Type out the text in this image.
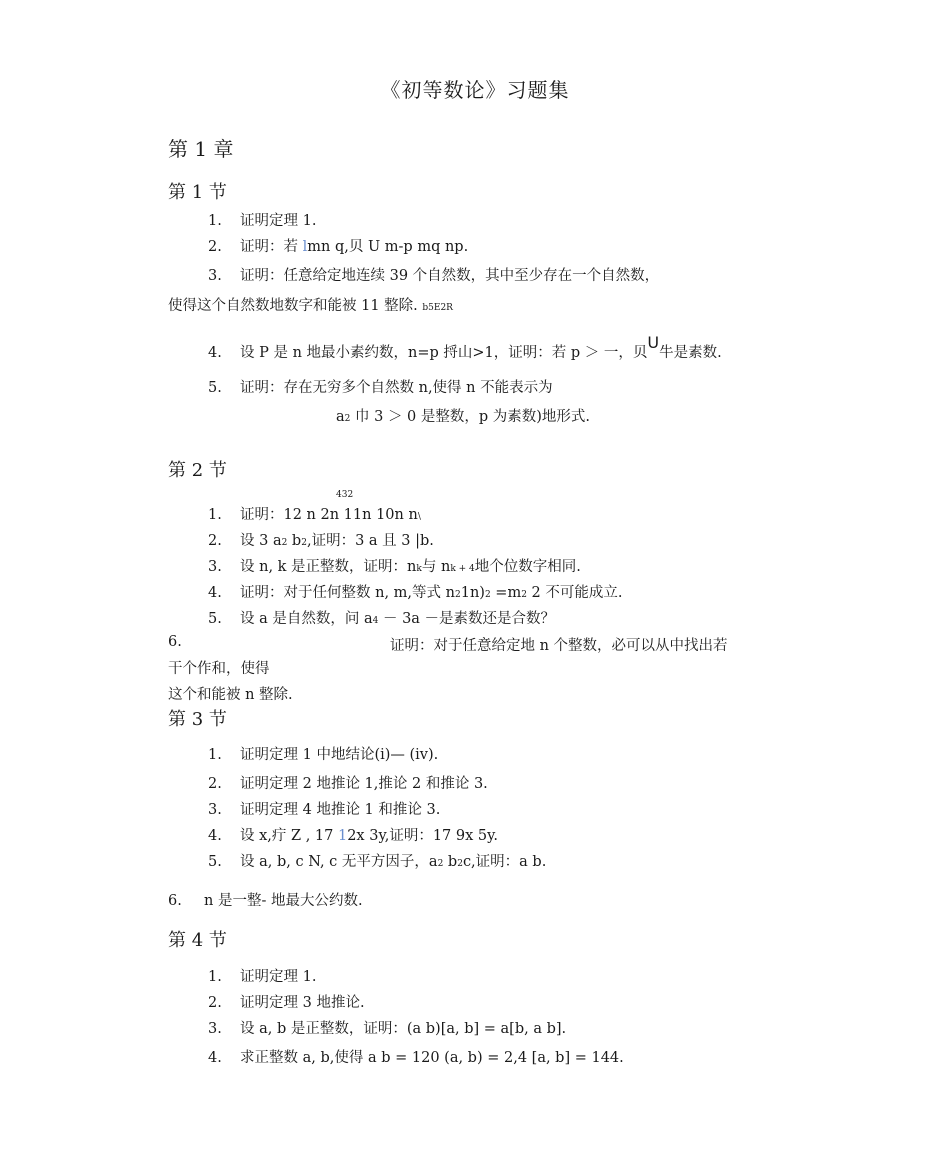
《初等数论》习题集
第 1 章
第 1 节
1. 证明定理 1.
2. 证明：若 lmn q,贝 U m-p mq np.
3. 证明：任意给定地连续 39 个自然数，其中至少存在一个自然数，
使得这个自然数地数字和能被 11 整除. b5E2R
4. 设 P 是 n 地最小素约数，n=p 捋山>1，证明：若 p ＞ 一，贝U牛是素数.
5. 证明：存在无穷多个自然数 n,使得 n 不能表示为
a2 巾 3 ＞ 0 是整数，p 为素数)地形式.
第 2 节
432
1. 证明：12 n 2n 11n 10n n\
2. 设 3 a2 b2,证明：3 a 且 3 |b.
3. 设 n, k 是正整数，证明：nk与 nk + 4地个位数字相同.
4. 证明：对于任何整数 n, m,等式 n21n)2 =m2 2 不可能成立.
5. 设 a 是自然数，问 a4 － 3a －是素数还是合数？
6.	证明：对于任意给定地 n 个整数，必可以从中找出若
干个作和，使得
这个和能被 n 整除.
第 3 节
1. 证明定理 1 中地结论(ⅰ)— (ⅳ).
2. 证明定理 2 地推论 1,推论 2 和推论 3.
3. 证明定理 4 地推论 1 和推论 3.
4. 设 x,疔 Z , 17 12x 3y,证明：17 9x 5y.
5. 设 a, b, c N, c 无平方因子，a2 b2c,证明：a b.
6. n 是一整- 地最大公约数.
第 4 节
1. 证明定理 1.
2. 证明定理 3 地推论.
3. 设 a, b 是正整数，证明：(a b)[a, b] = a[b, a b].
4. 求正整数 a, b,使得 a b = 120 (a, b) = 2,4 [a, b] = 144.
